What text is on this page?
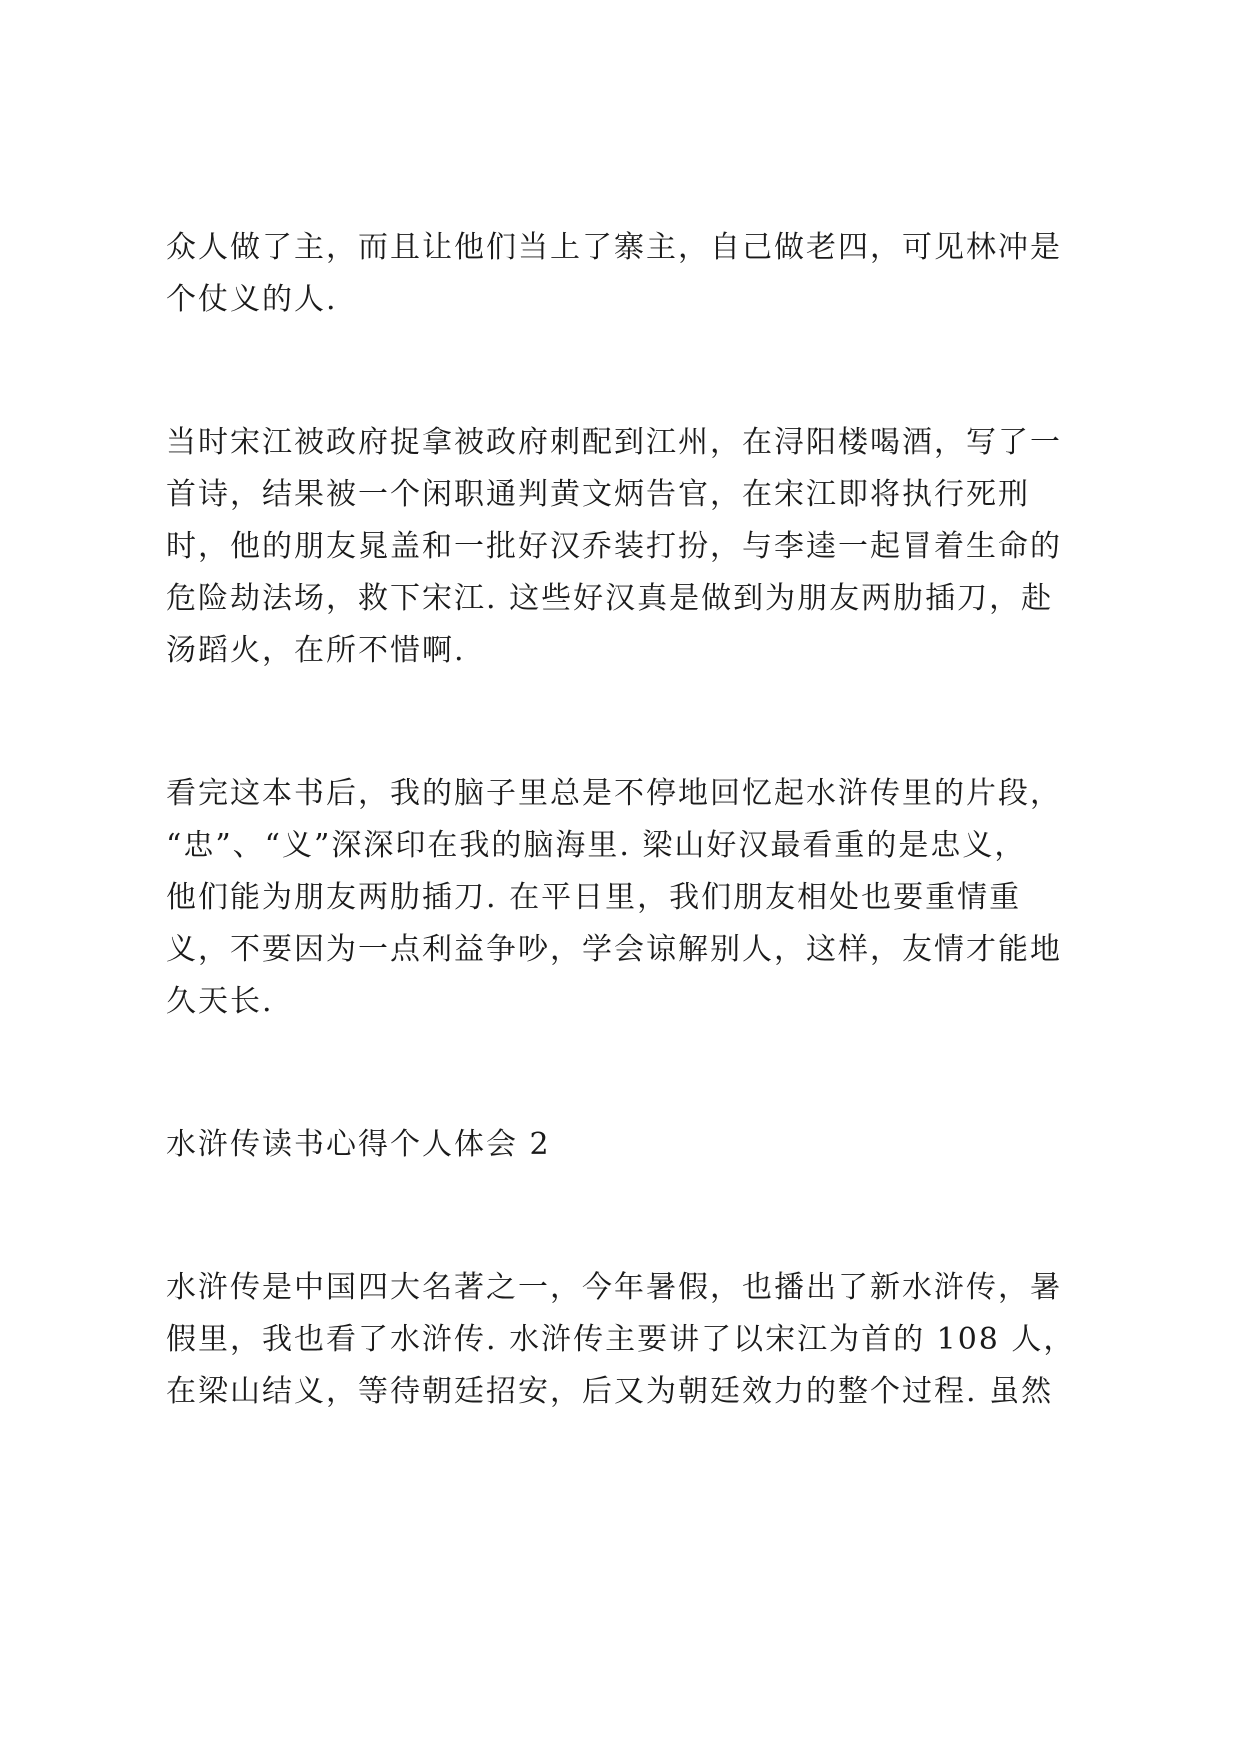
众人做了主，而且让他们当上了寨主，自己做老四，可见林冲是
个仗义的人.
当时宋江被政府捉拿被政府刺配到江州，在浔阳楼喝酒，写了一
首诗，结果被一个闲职通判黄文炳告官，在宋江即将执行死刑
时，他的朋友晁盖和一批好汉乔装打扮，与李逵一起冒着生命的
危险劫法场，救下宋江. 这些好汉真是做到为朋友两肋插刀，赴
汤蹈火，在所不惜啊.
看完这本书后，我的脑子里总是不停地回忆起水浒传里的片段，
“忠”、“义”深深印在我的脑海里. 梁山好汉最看重的是忠义，
他们能为朋友两肋插刀. 在平日里，我们朋友相处也要重情重
义，不要因为一点利益争吵，学会谅解别人，这样，友情才能地
久天长.
水浒传读书心得个人体会 2
水浒传是中国四大名著之一，今年暑假，也播出了新水浒传，暑
假里，我也看了水浒传. 水浒传主要讲了以宋江为首的 108 人，
在梁山结义，等待朝廷招安，后又为朝廷效力的整个过程. 虽然
